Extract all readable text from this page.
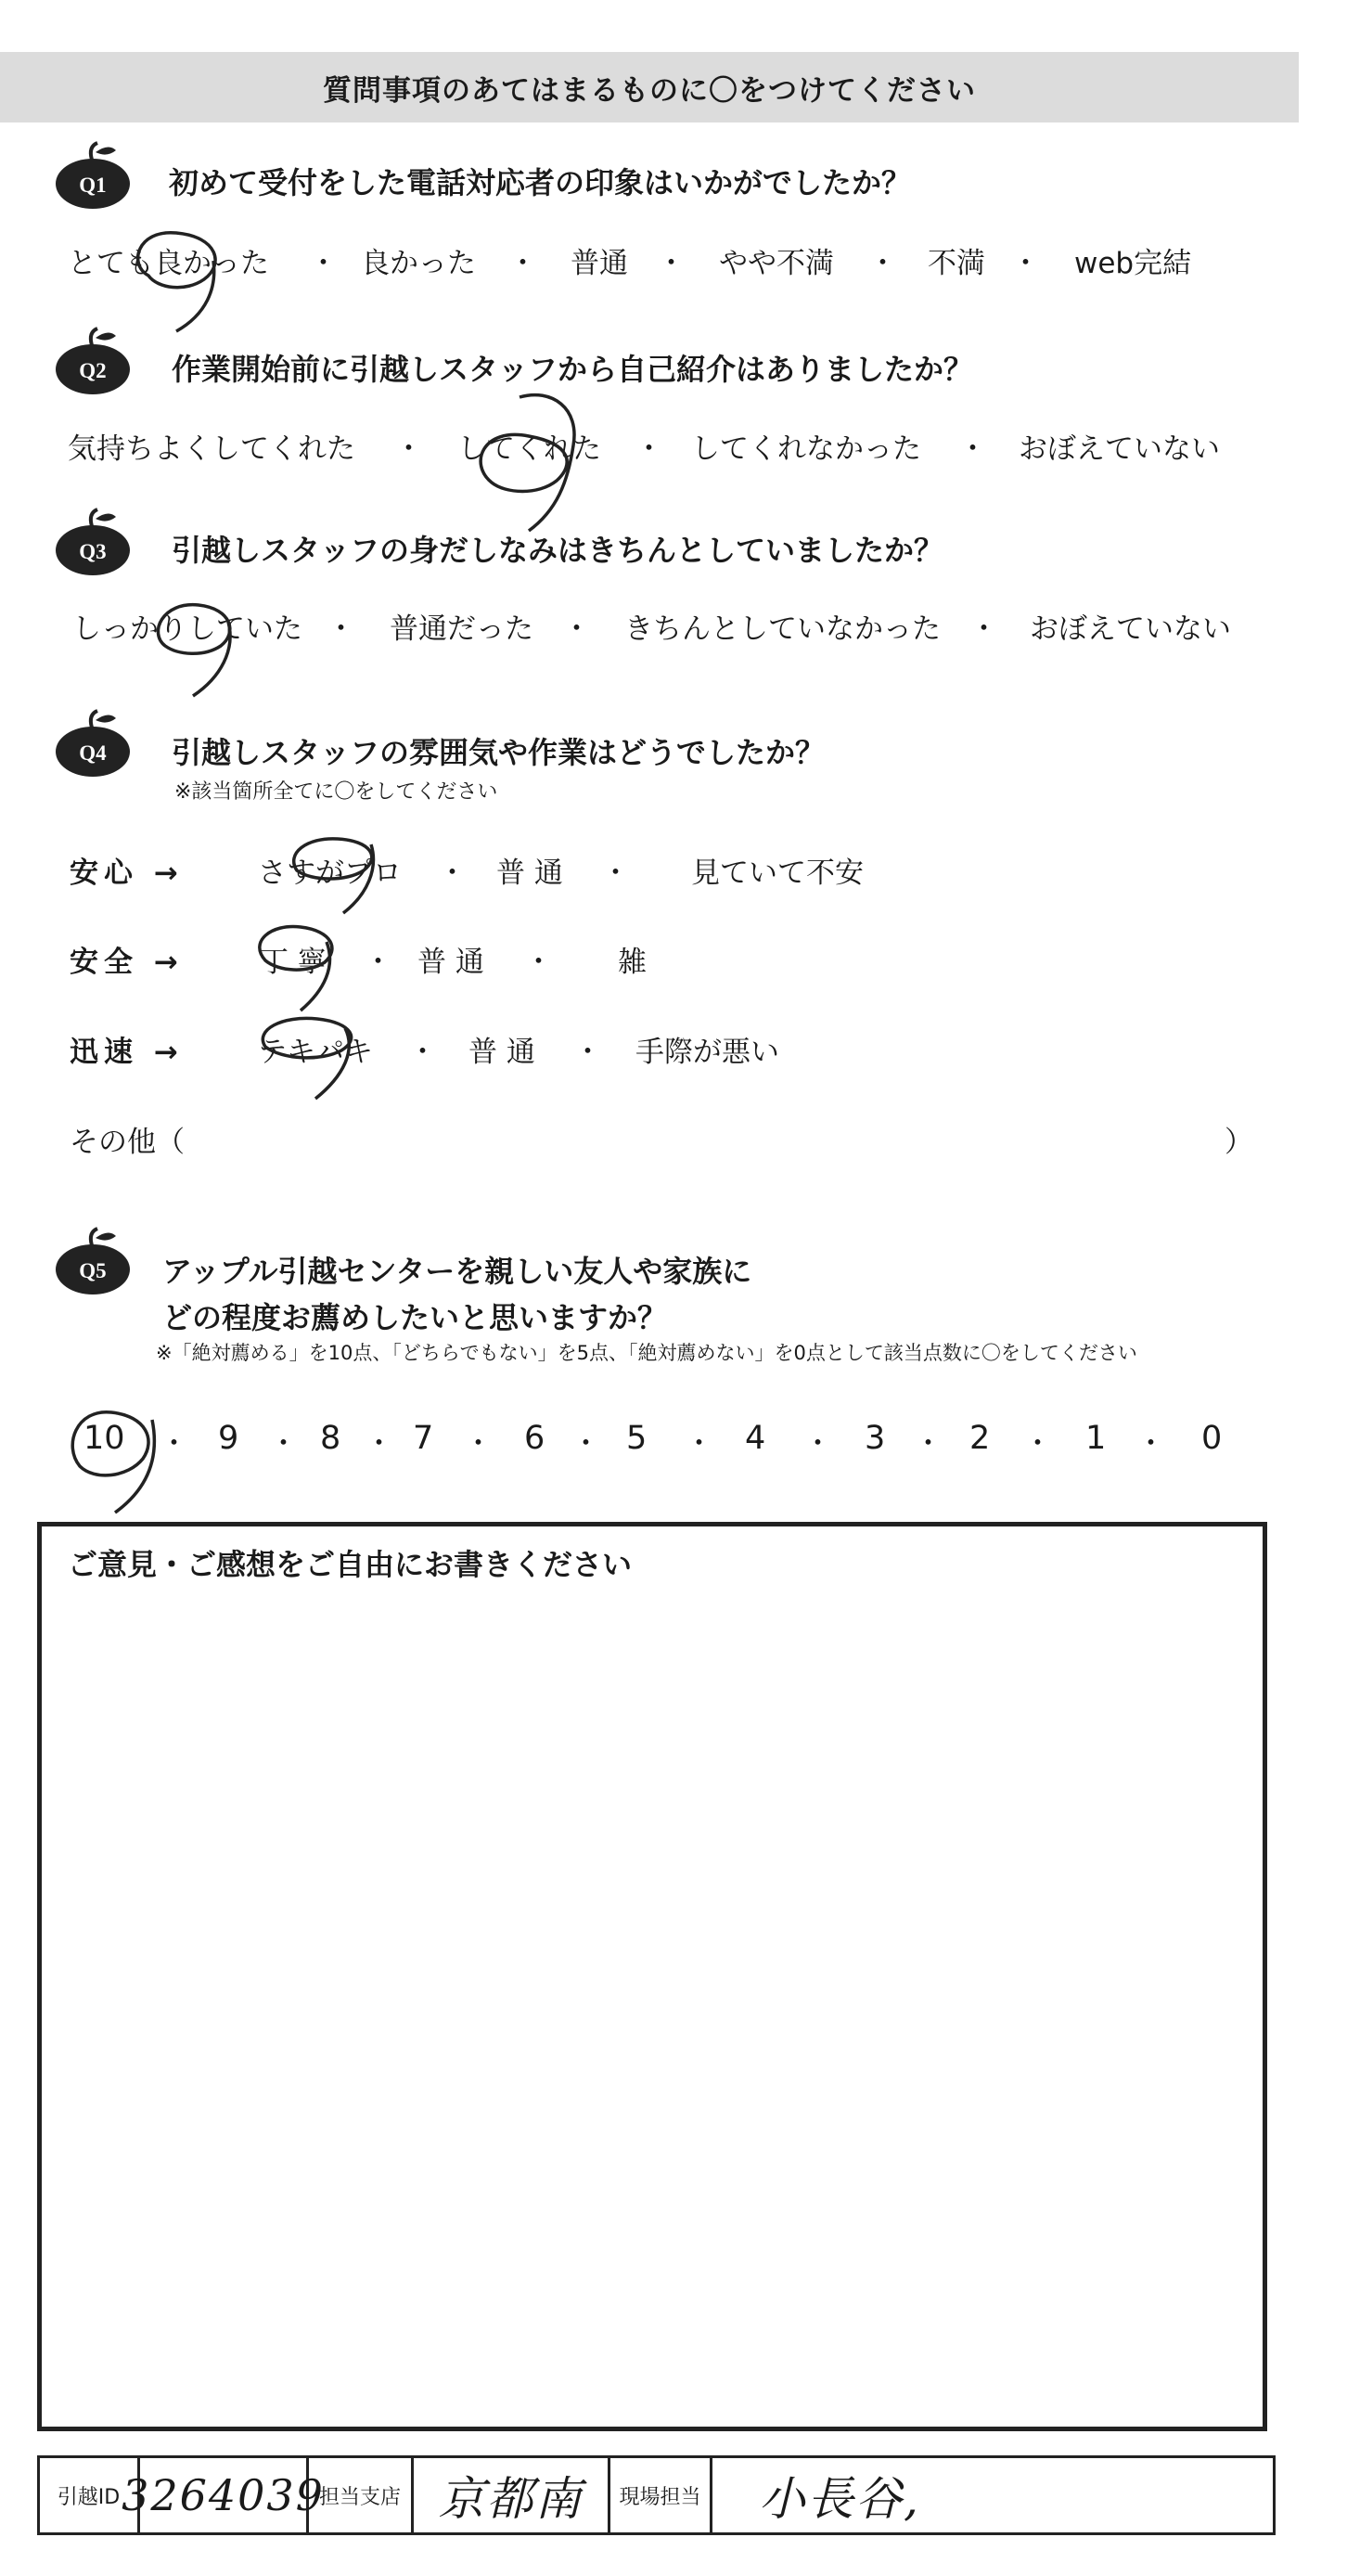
質問事項のあてはまるものに〇をつけてください
Q1 初めて受付をした電話対応者の印象はいかがでしたか？
とても良かった ・ 良かった ・ 普通 ・ やや不満 ・ 不満 ・ web完結
Q2 作業開始前に引越しスタッフから自己紹介はありましたか？
気持ちよくしてくれた ・ してくれた ・ してくれなかった ・ おぼえていない
Q3 引越しスタッフの身だしなみはきちんとしていましたか？
しっかりしていた ・ 普通だった ・ きちんとしていなかった ・ おぼえていない
Q4 引越しスタッフの雰囲気や作業はどうでしたか？
※該当箇所全てに〇をしてください
安心 →	さすがプロ ・ 普 通 ・ 見ていて不安
安全 →	丁 寧 ・ 普 通 ・ 雑
迅速 →	テキパキ ・ 普 通 ・ 手際が悪い
その他（	）
Q5 アップル引越センターを親しい友人や家族に
どの程度お薦めしたいと思いますか？
※「絶対薦める」を10点、「どちらでもない」を5点、「絶対薦めない」を0点として該当点数に〇をしてください
10 ・ 9 ・ 8 ・ 7 ・ 6 ・ 5 ・ 4 ・ 3 ・ 2 ・ 1 ・ 0
ご意見・ご感想をご自由にお書きください
引越ID 3264039
担当支店 京都南 現場担当 小長谷,
